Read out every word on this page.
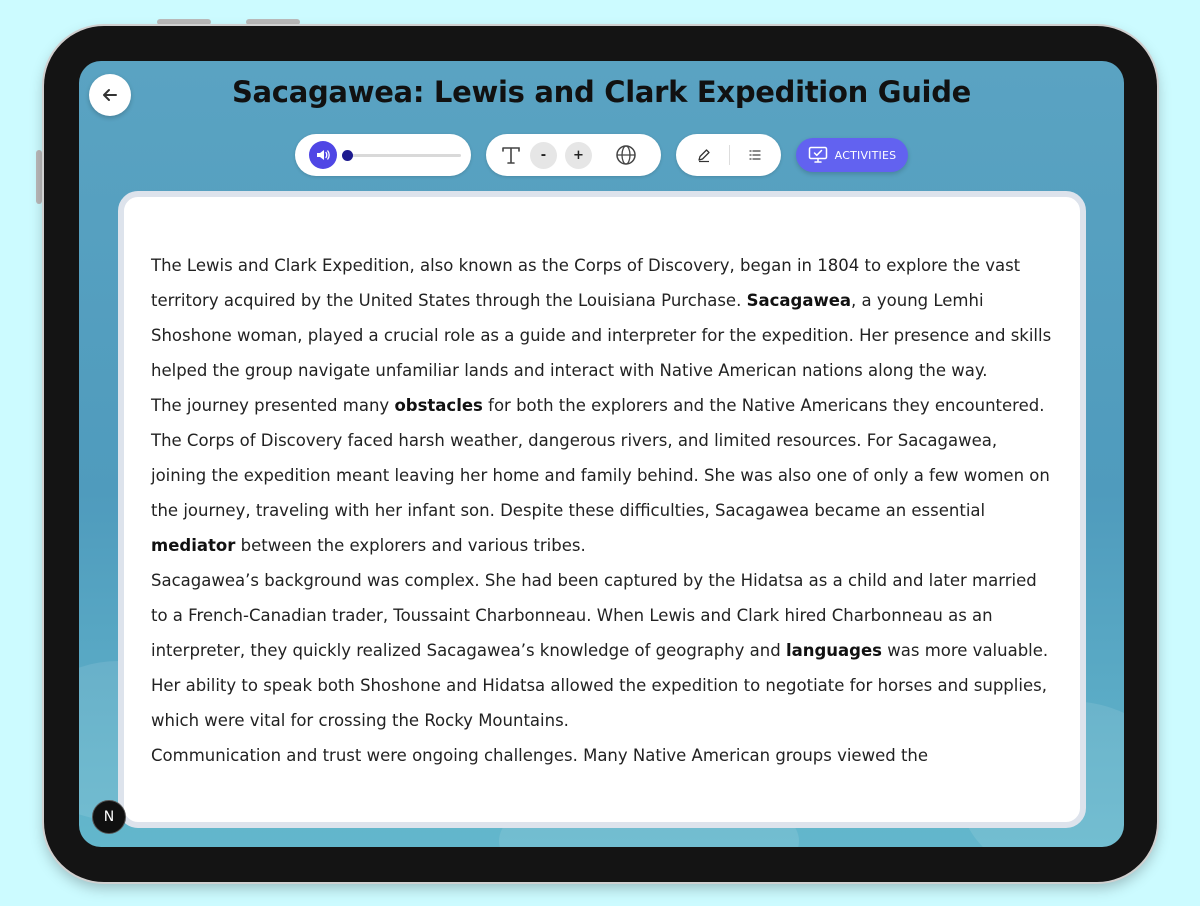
Sacagawea: Lewis and Clark Expedition Guide
-	+	ACTIVITIES

The Lewis and Clark Expedition, also known as the Corps of Discovery, began in 1804 to explore the vast territory acquired by the United States through the Louisiana Purchase. Sacagawea, a young Lemhi Shoshone woman, played a crucial role as a guide and interpreter for the expedition. Her presence and skills helped the group navigate unfamiliar lands and interact with Native American nations along the way.

The journey presented many obstacles for both the explorers and the Native Americans they encountered. The Corps of Discovery faced harsh weather, dangerous rivers, and limited resources. For Sacagawea, joining the expedition meant leaving her home and family behind. She was also one of only a few women on the journey, traveling with her infant son. Despite these difficulties, Sacagawea became an essential mediator between the explorers and various tribes.

Sacagawea’s background was complex. She had been captured by the Hidatsa as a child and later married to a French-Canadian trader, Toussaint Charbonneau. When Lewis and Clark hired Charbonneau as an interpreter, they quickly realized Sacagawea’s knowledge of geography and languages was more valuable. Her ability to speak both Shoshone and Hidatsa allowed the expedition to negotiate for horses and supplies, which were vital for crossing the Rocky Mountains.

Communication and trust were ongoing challenges. Many Native American groups viewed the

N
